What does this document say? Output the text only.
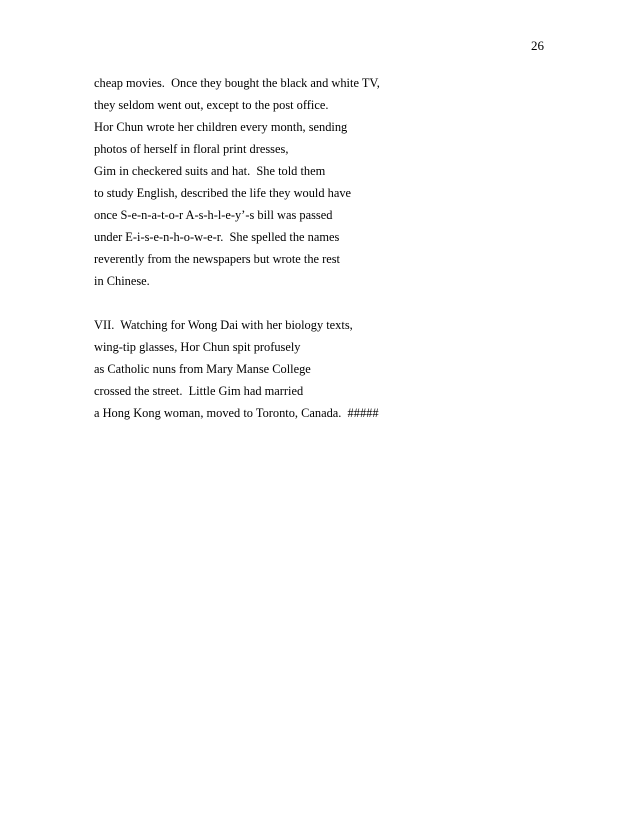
26

cheap movies.  Once they bought the black and white TV,
they seldom went out, except to the post office.
Hor Chun wrote her children every month, sending
photos of herself in floral print dresses,
Gim in checkered suits and hat.  She told them
to study English, described the life they would have
once S-e-n-a-t-o-r A-s-h-l-e-y’-s bill was passed
under E-i-s-e-n-h-o-w-e-r.  She spelled the names
reverently from the newspapers but wrote the rest
in Chinese.

VII.  Watching for Wong Dai with her biology texts,
wing-tip glasses, Hor Chun spit profusely
as Catholic nuns from Mary Manse College
crossed the street.  Little Gim had married
a Hong Kong woman, moved to Toronto, Canada.  #####
